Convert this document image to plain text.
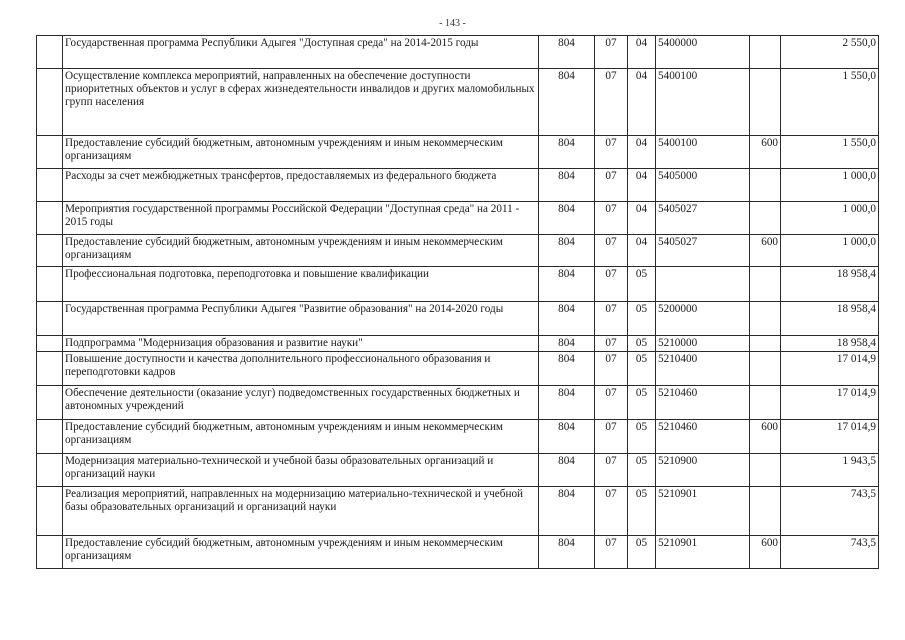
- 143 -
	Государственная программа Республики Адыгея "Доступная среда" на 2014-2015 годы	804	07	04	5400000		2 550,0
	Осуществление комплекса мероприятий, направленных на обеспечение доступности приоритетных объектов и услуг в сферах жизнедеятельности инвалидов и других маломобильных групп населения	804	07	04	5400100		1 550,0
	Предоставление субсидий бюджетным, автономным учреждениям и иным некоммерческим организациям	804	07	04	5400100	600	1 550,0
	Расходы за счет межбюджетных трансфертов, предоставляемых из федерального бюджета	804	07	04	5405000		1 000,0
	Мероприятия государственной программы Российской Федерации "Доступная среда" на 2011 - 2015 годы	804	07	04	5405027		1 000,0
	Предоставление субсидий бюджетным, автономным учреждениям и иным некоммерческим организациям	804	07	04	5405027	600	1 000,0
	Профессиональная подготовка, переподготовка и повышение квалификации	804	07	05			18 958,4
	Государственная программа Республики Адыгея "Развитие образования" на 2014-2020 годы	804	07	05	5200000		18 958,4
	Подпрограмма "Модернизация образования и развитие науки"	804	07	05	5210000		18 958,4
	Повышение доступности и качества дополнительного профессионального образования и переподготовки кадров	804	07	05	5210400		17 014,9
	Обеспечение деятельности (оказание услуг) подведомственных государственных бюджетных и автономных учреждений	804	07	05	5210460		17 014,9
	Предоставление субсидий бюджетным, автономным учреждениям и иным некоммерческим организациям	804	07	05	5210460	600	17 014,9
	Модернизация материально-технической и учебной базы образовательных организаций и организаций науки	804	07	05	5210900		1 943,5
	Реализация мероприятий, направленных на модернизацию материально-технической и учебной базы образовательных организаций и организаций науки	804	07	05	5210901		743,5
	Предоставление субсидий бюджетным, автономным учреждениям и иным некоммерческим организациям	804	07	05	5210901	600	743,5
